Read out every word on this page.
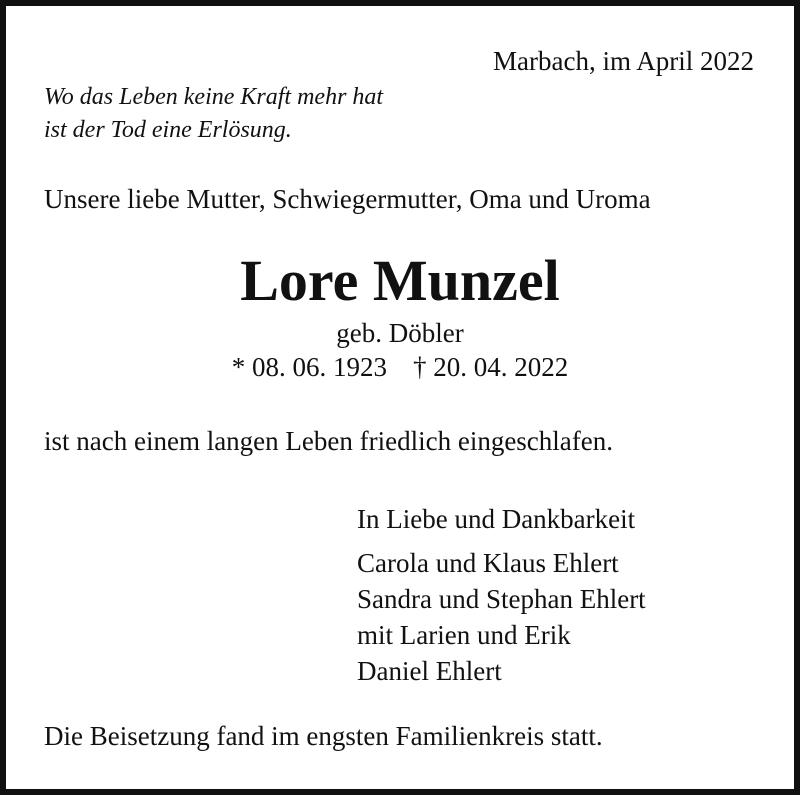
Marbach, im April 2022
Wo das Leben keine Kraft mehr hat
ist der Tod eine Erlösung.
Unsere liebe Mutter, Schwiegermutter, Oma und Uroma
Lore Munzel
geb. Döbler
* 08. 06. 1923 † 20. 04. 2022
ist nach einem langen Leben friedlich eingeschlafen.
In Liebe und Dankbarkeit
Carola und Klaus Ehlert
Sandra und Stephan Ehlert
mit Larien und Erik
Daniel Ehlert
Die Beisetzung fand im engsten Familienkreis statt.
